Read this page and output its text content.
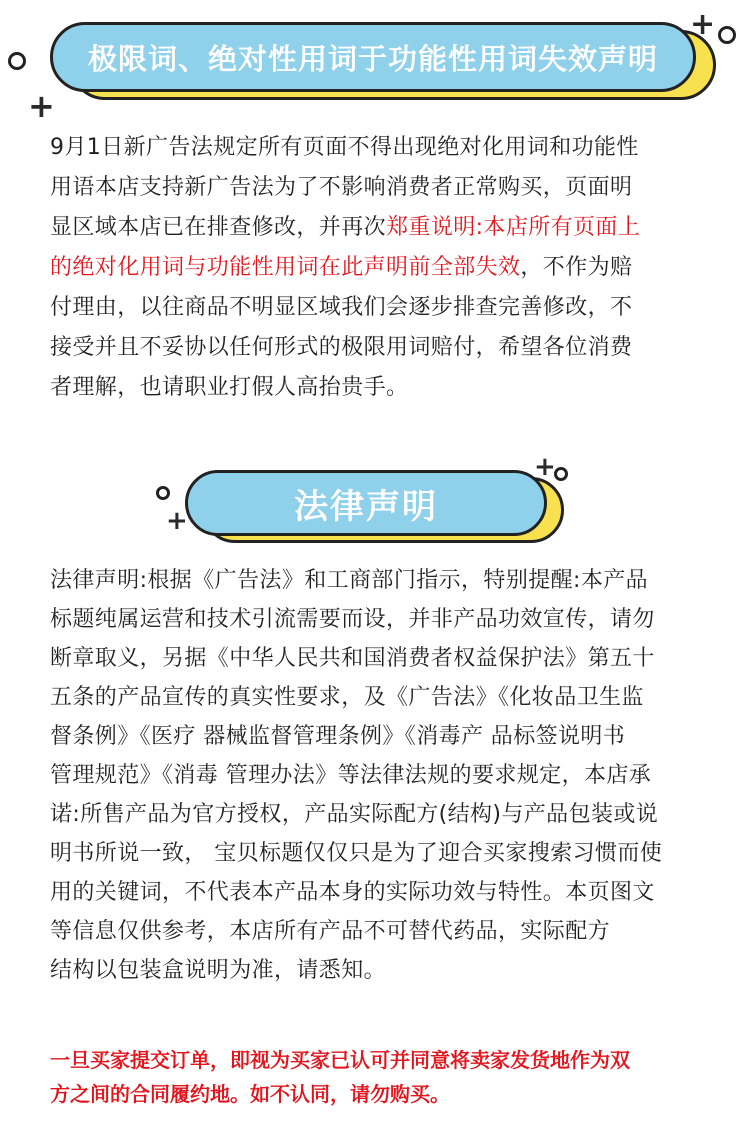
极限词、绝对性用词于功能性用词失效声明
+
+
9月1日新广告法规定所有页面不得出现绝对化用词和功能性
用语本店支持新广告法为了不影响消费者正常购买，页面明
显区域本店已在排查修改，并再次郑重说明:本店所有页面上
的绝对化用词与功能性用词在此声明前全部失效，不作为赔
付理由，以往商品不明显区域我们会逐步排查完善修改，不
接受并且不妥协以任何形式的极限用词赔付，希望各位消费
者理解，也请职业打假人高抬贵手。
法律声明
+
+
法律声明:根据《广告法》和工商部门指示，特别提醒:本产品
标题纯属运营和技术引流需要而设，并非产品功效宣传，请勿
断章取义，另据《中华人民共和国消费者权益保护法》第五十
五条的产品宣传的真实性要求，及《广告法》《化妆品卫生监
督条例》《医疗 器械监督管理条例》《消毒产 品标签说明书
管理规范》《消毒 管理办法》等法律法规的要求规定，本店承
诺:所售产品为官方授权，产品实际配方(结构)与产品包装或说
明书所说一致， 宝贝标题仅仅只是为了迎合买家搜索习惯而使
用的关键词，不代表本产品本身的实际功效与特性。本页图文
等信息仅供参考，本店所有产品不可替代药品，实际配方
结构以包装盒说明为准，请悉知。
一旦买家提交订单，即视为买家已认可并同意将卖家发货地作为双
方之间的合同履约地。如不认同，请勿购买。
